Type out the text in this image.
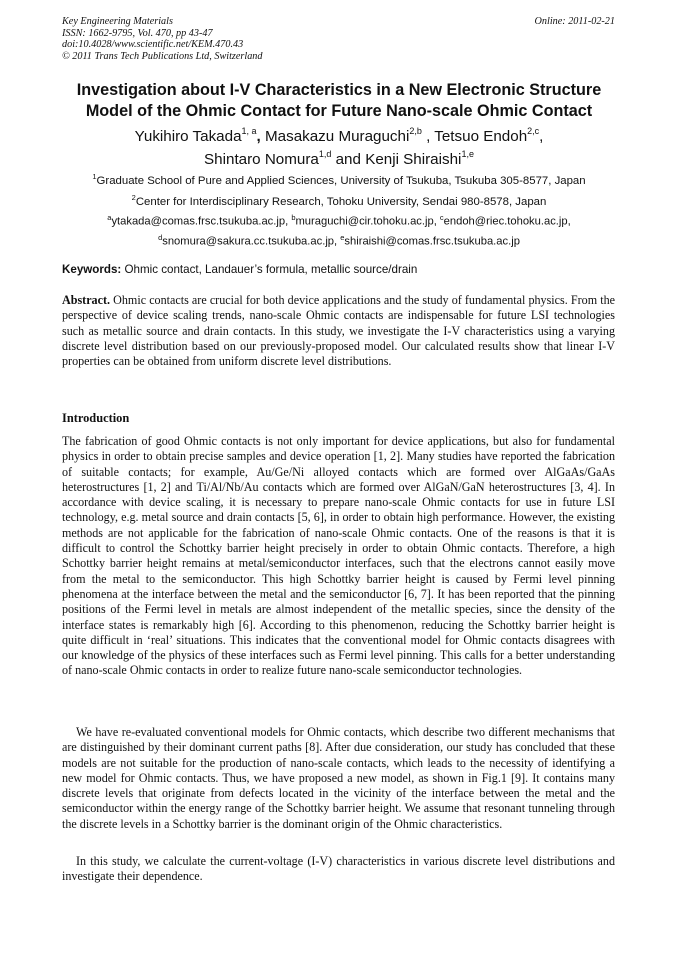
Key Engineering Materials
ISSN: 1662-9795, Vol. 470, pp 43-47
doi:10.4028/www.scientific.net/KEM.470.43
© 2011 Trans Tech Publications Ltd, Switzerland
Online: 2011-02-21
Investigation about I-V Characteristics in a New Electronic Structure
Model of the Ohmic Contact for Future Nano-scale Ohmic Contact
Yukihiro Takada$^{1, a}$, Masakazu Muraguchi$^{2,b}$ , Tetsuo Endoh$^{2,c}$,
Shintaro Nomura$^{1,d}$ and Kenji Shiraishi$^{1,e}$
$^1$Graduate School of Pure and Applied Sciences, University of Tsukuba, Tsukuba 305-8577, Japan
$^2$Center for Interdisciplinary Research, Tohoku University, Sendai 980-8578, Japan
$^a$ytakada@comas.frsc.tsukuba.ac.jp, $^b$muraguchi@cir.tohoku.ac.jp, $^c$endoh@riec.tohoku.ac.jp,
$^d$snomura@sakura.cc.tsukuba.ac.jp, $^e$shiraishi@comas.frsc.tsukuba.ac.jp
Keywords: Ohmic contact, Landauer’s formula, metallic source/drain

Abstract. Ohmic contacts are crucial for both device applications and the study of fundamental physics. From the perspective of device scaling trends, nano-scale Ohmic contacts are indispensable for future LSI technologies such as metallic source and drain contacts. In this study, we investigate the I-V characteristics using a varying discrete level distribution based on our previously-proposed model. Our calculated results show that linear I-V properties can be obtained from uniform discrete level distributions.

Introduction

The fabrication of good Ohmic contacts is not only important for device applications, but also for fundamental physics in order to obtain precise samples and device operation [1, 2]. Many studies have reported the fabrication of suitable contacts; for example, Au/Ge/Ni alloyed contacts which are formed over AlGaAs/GaAs heterostructures [1, 2] and Ti/Al/Nb/Au contacts which are formed over AlGaN/GaN heterostructures [3, 4]. In accordance with device scaling, it is necessary to prepare nano-scale Ohmic contacts for use in future LSI technology, e.g. metal source and drain contacts [5, 6], in order to obtain high performance. However, the existing methods are not applicable for the fabrication of nano-scale Ohmic contacts. One of the reasons is that it is difficult to control the Schottky barrier height precisely in order to obtain Ohmic contacts. Therefore, a high Schottky barrier height remains at metal/semiconductor interfaces, such that the electrons cannot easily move from the metal to the semiconductor. This high Schottky barrier height is caused by Fermi level pinning phenomena at the interface between the metal and the semiconductor [6, 7]. It has been reported that the pinning positions of the Fermi level in metals are almost independent of the metallic species, since the density of the interface states is remarkably high [6]. According to this phenomenon, reducing the Schottky barrier height is quite difficult in ‘real’ situations. This indicates that the conventional model for Ohmic contacts disagrees with our knowledge of the physics of these interfaces such as Fermi level pinning. This calls for a better understanding of nano-scale Ohmic contacts in order to realize future nano-scale semiconductor technologies.

We have re-evaluated conventional models for Ohmic contacts, which describe two different mechanisms that are distinguished by their dominant current paths [8]. After due consideration, our study has concluded that these models are not suitable for the production of nano-scale contacts, which leads to the necessity of identifying a new model for Ohmic contacts. Thus, we have proposed a new model, as shown in Fig.1 [9]. It contains many discrete levels that originate from defects located in the vicinity of the interface between the metal and the semiconductor within the energy range of the Schottky barrier height. We assume that resonant tunneling through the discrete levels in a Schottky barrier is the dominant origin of the Ohmic characteristics.

In this study, we calculate the current-voltage (I-V) characteristics in various discrete level distributions and investigate their dependence.
